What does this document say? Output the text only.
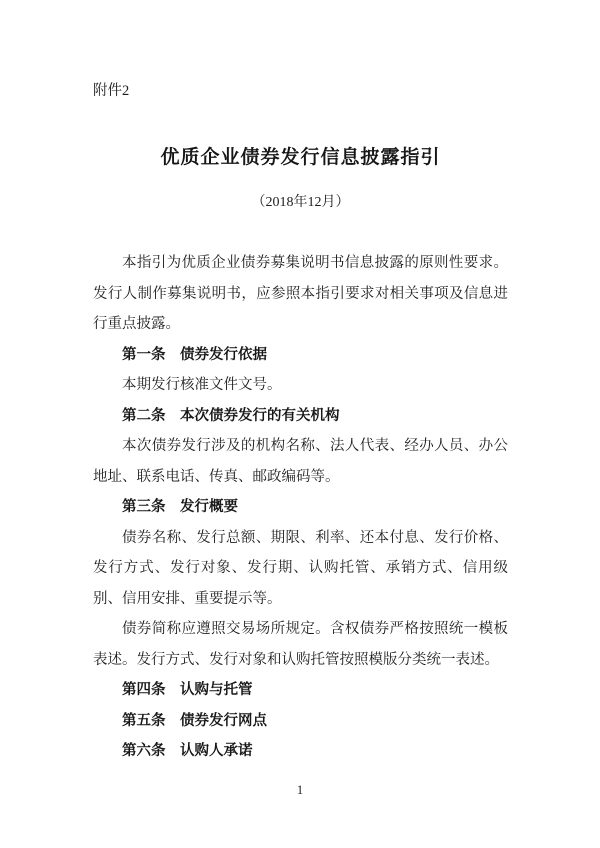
附件2

优质企业债券发行信息披露指引

（2018年12月）

本指引为优质企业债券募集说明书信息披露的原则性要求。发行人制作募集说明书，应参照本指引要求对相关事项及信息进行重点披露。

第一条　债券发行依据

本期发行核准文件文号。

第二条　本次债券发行的有关机构

本次债券发行涉及的机构名称、法人代表、经办人员、办公地址、联系电话、传真、邮政编码等。

第三条　发行概要

债券名称、发行总额、期限、利率、还本付息、发行价格、发行方式、发行对象、发行期、认购托管、承销方式、信用级别、信用安排、重要提示等。

债券简称应遵照交易场所规定。含权债券严格按照统一模板表述。发行方式、发行对象和认购托管按照模版分类统一表述。

第四条　认购与托管

第五条　债券发行网点

第六条　认购人承诺

1
